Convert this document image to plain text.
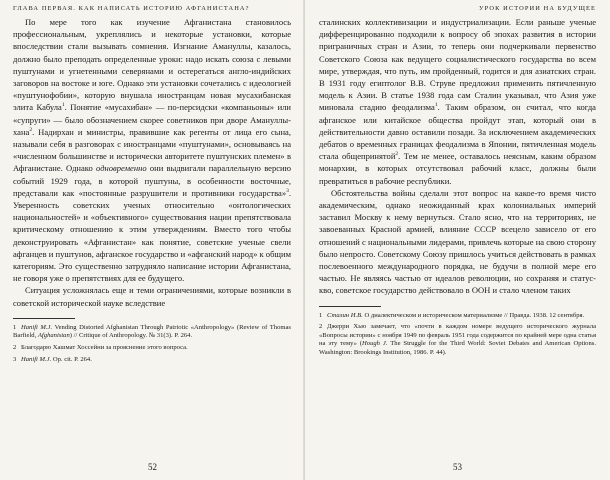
ГЛАВА ПЕРВАЯ. КАК НАПИСАТЬ ИСТОРИЮ АФГАНИСТАНА?

По мере того как изучение Афганистана становилось профессиональным, укреплялись и некоторые установки, которые впоследствии стали вызывать сомнения. Изгнание Амануллы, казалось, должно было преподать определенные уроки: надо искать союза с левыми пуштунами и угнетенными северянами и остерегаться англо-индийских заговоров на востоке и юге. Однако эти установки сочетались с идеологией «пуштунофобии», которую внушала иностранцам новая мусахибанская элита Кабула$^1$. Понятие «мусахибан» — по-персидски «компаньоны» или «супруги» — было обозначением скорее советников при дворе Амануллы-хана$^2$. Надирхан и министры, правившие как регенты от лица его сына, называли себя в разговорах с иностранцами «пуштунами», основываясь на «численном большинстве и исторически авторитете пуштунских племен» в Афганистане. Однако одновременно они выдвигали параллельную версию событий 1929 года, в которой пуштуны, в особенности восточные, представали как «постоянные разрушители и противники государства»$^3$. Уверенность советских ученых относительно «онтологических национальностей» и «объективного» существования нации препятствовала критическому отношению к этим утверждениям. Вместо того чтобы деконструировать «Афганистан» как понятие, советские ученые свели афганцев и пуштунов, афганское государство и «афганский народ» к общим категориям. Это существенно затрудняло написание истории Афганистана, не говоря уже о препятствиях для ее будущего.

Ситуация усложнялась еще и теми ограничениями, которые возникли в советской исторической науке вследствие

1 Hanifi M.J. Vending Distorted Afghanistan Through Patriotic «Anthropology» (Review of Thomas Barfield, Afghanistan) // Critique of Anthropology. № 31(3). P. 264.

2 Благодарю Хашмат Хоссейни за прояснение этого вопроса.

3 Hanifi M.J. Op. cit. P. 264.

52
УРОК ИСТОРИИ НА БУДУЩЕЕ

сталинских коллективизации и индустриализации. Если раньше ученые дифференцированно подходили к вопросу об эпохах развития в истории приграничных стран и Азии, то теперь они подчеркивали первенство Советского Союза как ведущего социалистического государства во всем мире, утверждая, что путь, им пройденный, годится и для азиатских стран. В 1931 году египтолог В.В. Струве предложил применить пятичленную модель к Азии. В статье 1938 года сам Сталин указывал, что Азия уже миновала стадию феодализма$^1$. Таким образом, он считал, что когда афганское или китайское общества пройдут этап, который они в действительности давно оставили позади. За исключением академических дебатов о временных границах феодализма в Японии, пятичленная модель стала общепринятой$^2$. Тем не менее, оставалось неясным, каким образом монархии, в которых отсутствовал рабочий класс, должны были превратиться в рабочие республики.

Обстоятельства войны сделали этот вопрос на какое-то время чисто академическим, однако неожиданный крах колониальных империй заставил Москву к нему вернуться. Стало ясно, что на территориях, не завоеванных Красной армией, влияние СССР всецело зависело от его отношений с национальными лидерами, привлечь которые на свою сторону было непросто. Советскому Союзу пришлось учиться действовать в рамках послевоенного международного порядка, не будучи в полной мере его частью. Не являясь частью от идеалов революции, но сохраняя и статус-кво, советское государство действовало в ООН и стало членом таких

1 Сталин И.В. О диалектическом и историческом материализме // Правда. 1938. 12 сентября.

2 Джерри Хью замечает, что «почти в каждом номере ведущего исторического журнала «Вопросы истории» с ноября 1949 по февраль 1951 года содержится по крайней мере одна статья на эту тему» (Hough J. The Struggle for the Third World: Soviet Debates and American Options. Washington: Brookings Institution, 1986. P. 44).

53
